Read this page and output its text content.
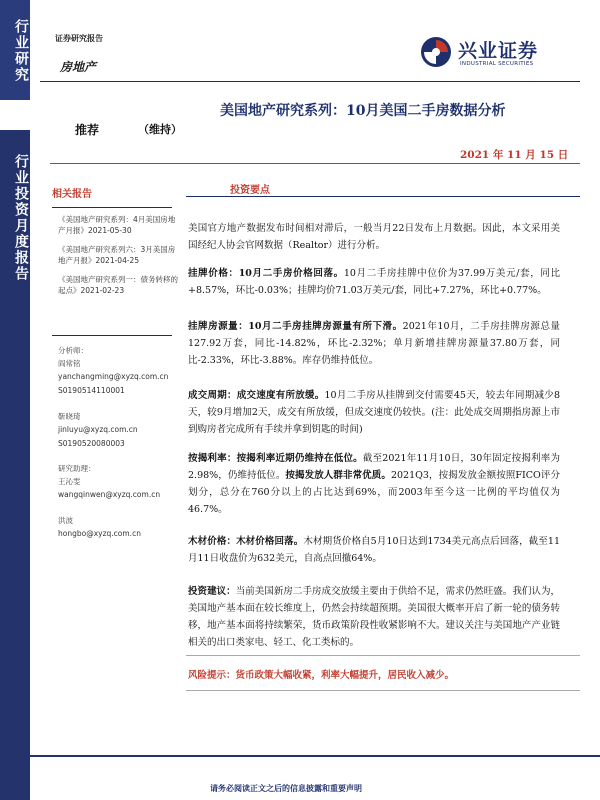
行业研究
行业投资月度报告
证券研究报告
房地产
兴业证券
INDUSTRIAL SECURITIES
美国地产研究系列：10月美国二手房数据分析
推荐	（维持）
2021 年 11 月 15 日
相关报告
《美国地产研究系列：4月美国房地产月报》2021-05-30
《美国地产研究系列六：3月美国房地产月报》2021-04-25
《美国地产研究系列一：债务转移的起点》2021-02-23
分析师：
阎常铭
yanchangming@xyzq.com.cn
S0190514110001
靳晓琦
jinluyu@xyzq.com.cn
S0190520080003
研究助理：
王沁雯
wangqinwen@xyzq.com.cn
洪波
hongbo@xyzq.com.cn
投资要点
美国官方地产数据发布时间相对滞后，一般当月22日发布上月数据。因此，本文采用美国经纪人协会官网数据（Realtor）进行分析。
挂牌价格：10月二手房价格回落。10月二手房挂牌中位价为37.99万美元/套，同比+8.57%，环比-0.03%；挂牌均价71.03万美元/套，同比+7.27%，环比+0.77%。
挂牌房源量：10月二手房挂牌房源量有所下滑。2021年10月，二手房挂牌房源总量127.92万套，同比-14.82%，环比-2.32%；单月新增挂牌房源量37.80万套，同比-2.33%，环比-3.88%。库存仍维持低位。
成交周期：成交速度有所放缓。10月二手房从挂牌到交付需要45天，较去年同期减少8天，较9月增加2天，成交有所放缓，但成交速度仍较快。(注：此处成交周期指房源上市到购房者完成所有手续并拿到钥匙的时间)
按揭利率：按揭利率近期仍维持在低位。截至2021年11月10日，30年固定按揭利率为2.98%，仍维持低位。按揭发放人群非常优质。2021Q3，按揭发放金额按照FICO评分划分，总分在760分以上的占比达到69%，而2003年至今这一比例的平均值仅为46.7%。
木材价格：木材价格回落。木材期货价格自5月10日达到1734美元高点后回落，截至11月11日收盘价为632美元，自高点回撤64%。
投资建议：当前美国新房二手房成交放缓主要由于供给不足，需求仍然旺盛。我们认为，美国地产基本面在较长维度上，仍然会持续超预期。美国很大概率开启了新一轮的债务转移，地产基本面将持续繁荣，货币政策阶段性收紧影响不大。建议关注与美国地产产业链相关的出口类家电、轻工、化工类标的。
风险提示：货币政策大幅收紧，利率大幅提升，居民收入减少。
请务必阅读正文之后的信息披露和重要声明
